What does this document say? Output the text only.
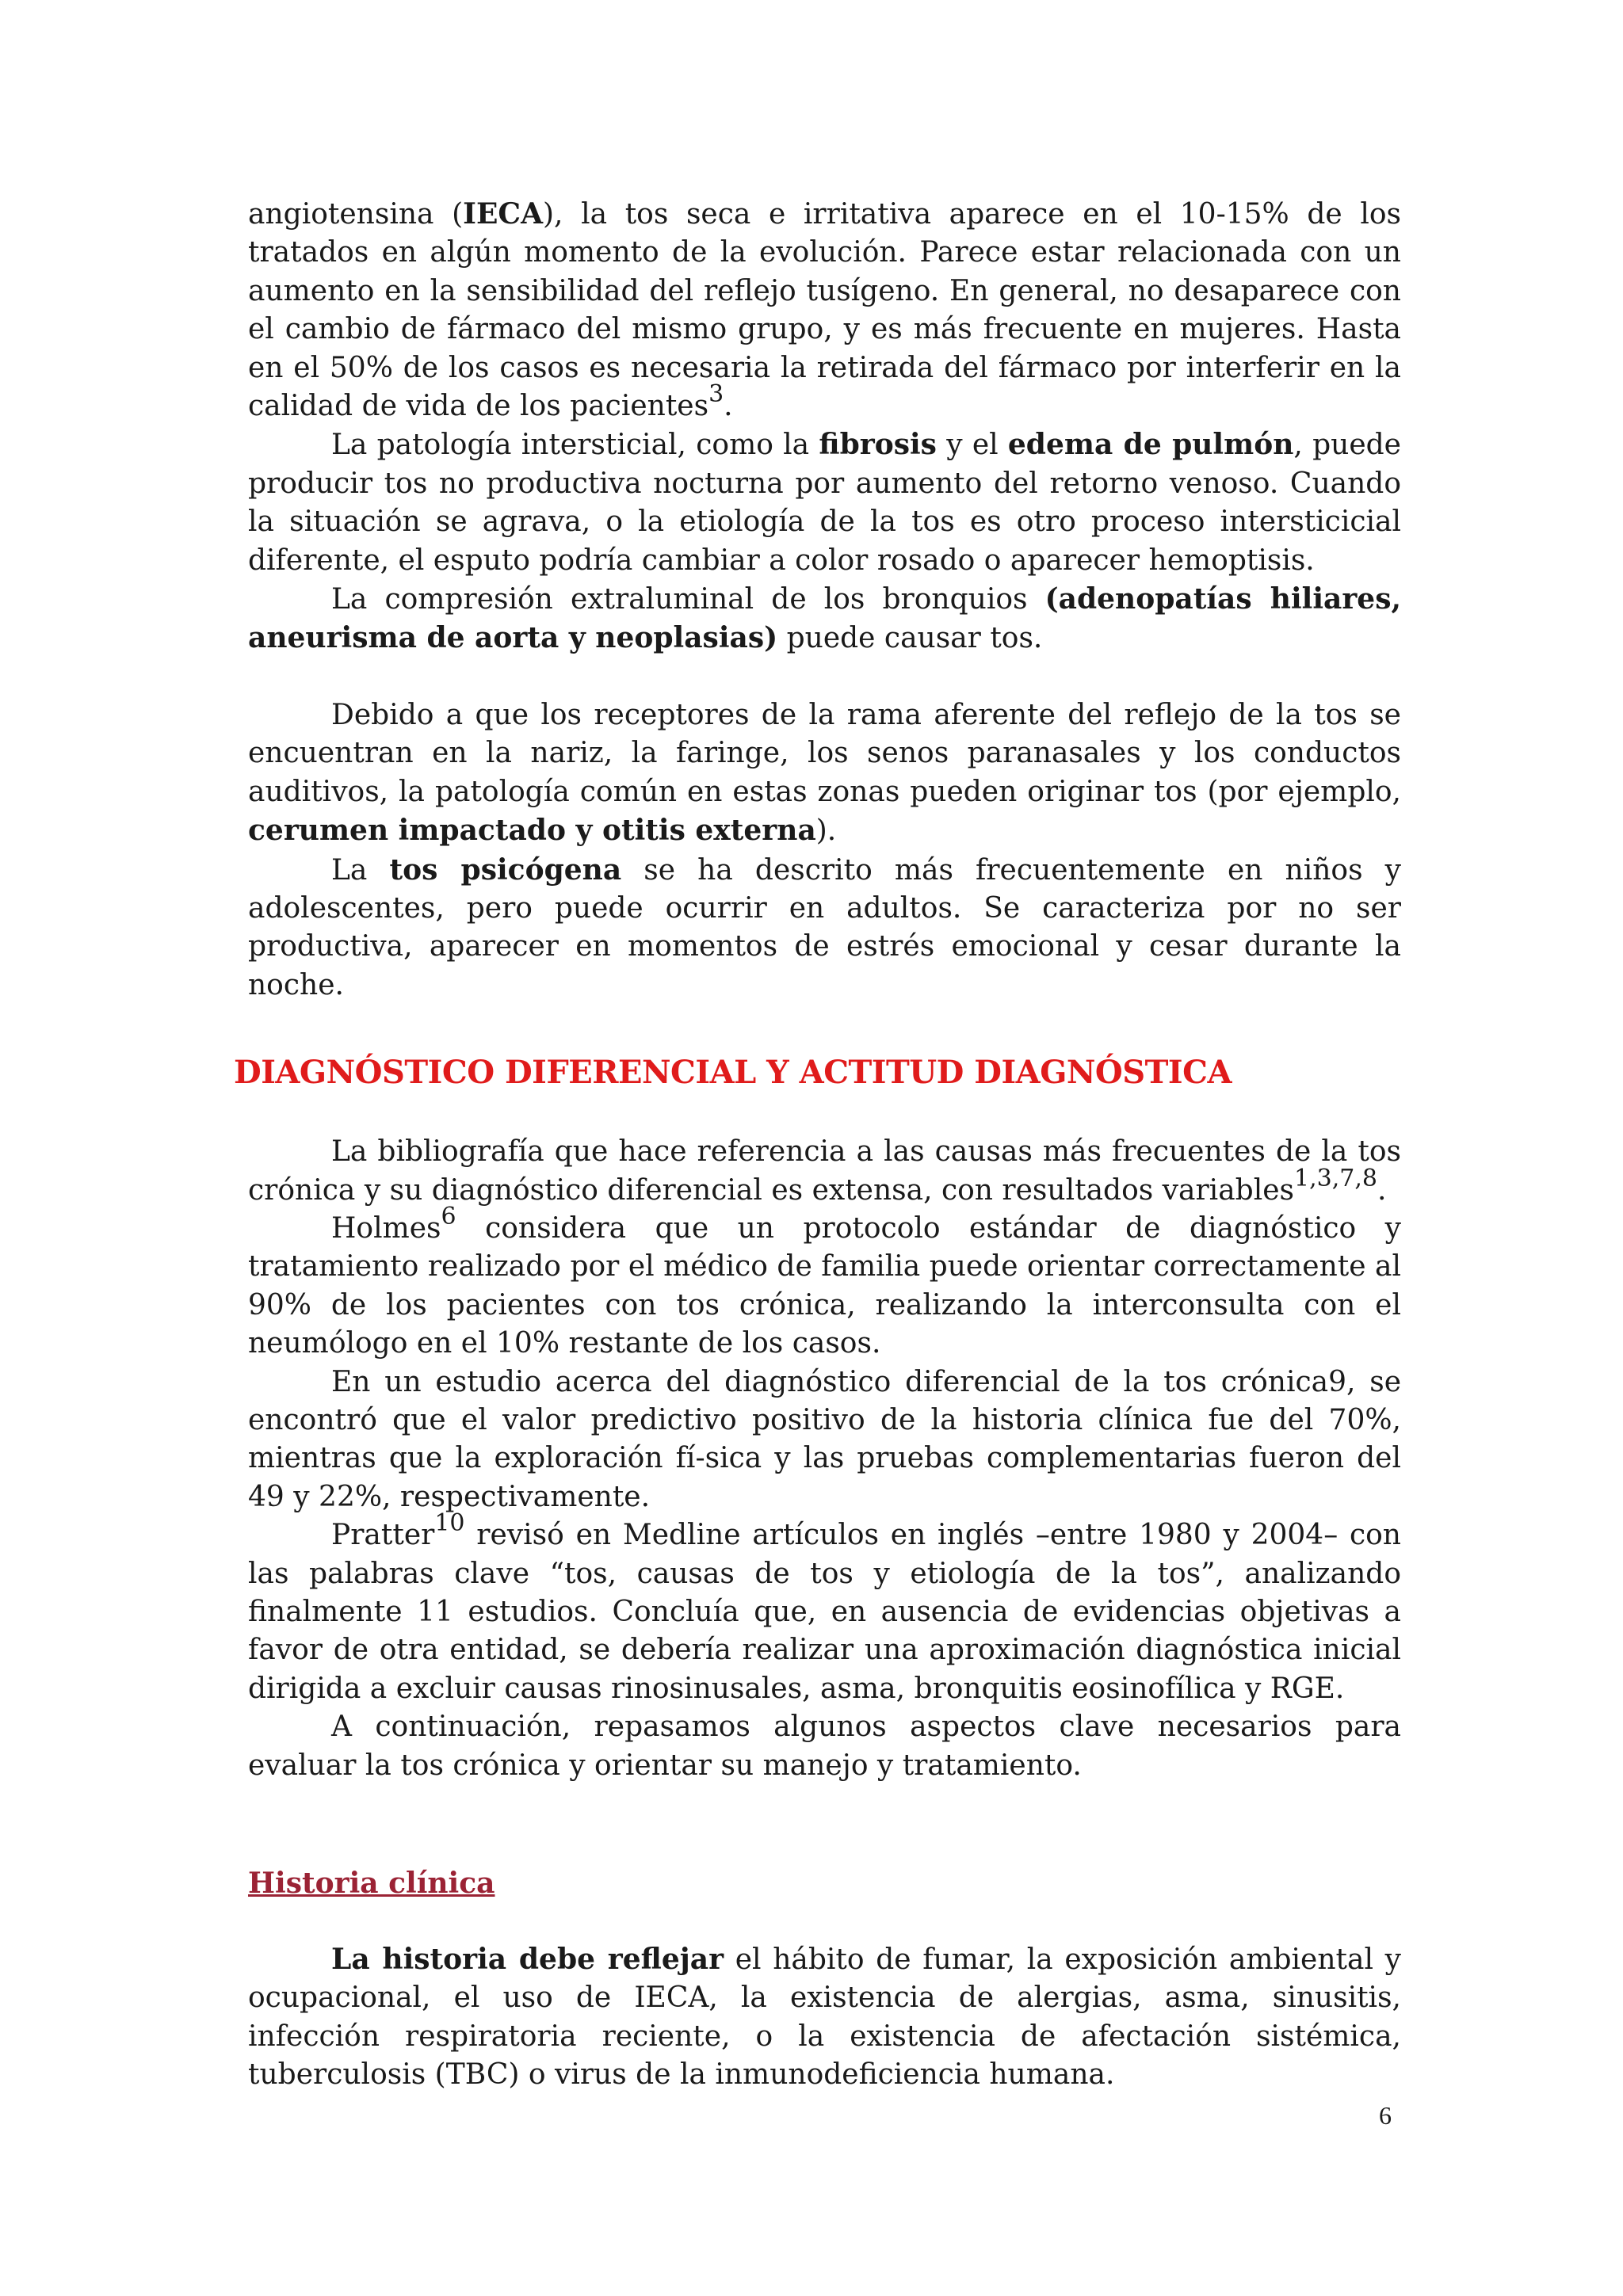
angiotensina (IECA), la tos seca e irritativa aparece en el 10-15% de los tratados en algún momento de la evolución. Parece estar relacionada con un aumento en la sensibilidad del reflejo tusígeno. En general, no desaparece con el cambio de fármaco del mismo grupo, y es más frecuente en mujeres. Hasta en el 50% de los casos es necesaria la retirada del fármaco por interferir en la calidad de vida de los pacientes$^3$.

La patología intersticial, como la fibrosis y el edema de pulmón, puede producir tos no productiva nocturna por aumento del retorno venoso. Cuando la situación se agrava, o la etiología de la tos es otro proceso intersticicial diferente, el esputo podría cambiar a color rosado o aparecer hemoptisis.

La compresión extraluminal de los bronquios (adenopatías hiliares, aneurisma de aorta y neoplasias) puede causar tos.

Debido a que los receptores de la rama aferente del reflejo de la tos se encuentran en la nariz, la faringe, los senos paranasales y los conductos auditivos, la patología común en estas zonas pueden originar tos (por ejemplo, cerumen impactado y otitis externa).

La tos psicógena se ha descrito más frecuentemente en niños y adolescentes, pero puede ocurrir en adultos. Se caracteriza por no ser productiva, aparecer en momentos de estrés emocional y cesar durante la noche.

DIAGNÓSTICO DIFERENCIAL Y ACTITUD DIAGNÓSTICA

La bibliografía que hace referencia a las causas más frecuentes de la tos crónica y su diagnóstico diferencial es extensa, con resultados variables$^{1,3,7,8}$.

Holmes$^6$ considera que un protocolo estándar de diagnóstico y tratamiento realizado por el médico de familia puede orientar correctamente al 90% de los pacientes con tos crónica, realizando la interconsulta con el neumólogo en el 10% restante de los casos.

En un estudio acerca del diagnóstico diferencial de la tos crónica9, se encontró que el valor predictivo positivo de la historia clínica fue del 70%, mientras que la exploración fí-sica y las pruebas complementarias fueron del 49 y 22%, respectivamente.

Pratter$^{10}$ revisó en Medline artículos en inglés –entre 1980 y 2004– con las palabras clave “tos, causas de tos y etiología de la tos”, analizando finalmente 11 estudios. Concluía que, en ausencia de evidencias objetivas a favor de otra entidad, se debería realizar una aproximación diagnóstica inicial dirigida a excluir causas rinosinusales, asma, bronquitis eosinofílica y RGE.

A continuación, repasamos algunos aspectos clave necesarios para evaluar la tos crónica y orientar su manejo y tratamiento.

Historia clínica

La historia debe reflejar el hábito de fumar, la exposición ambiental y ocupacional, el uso de IECA, la existencia de alergias, asma, sinusitis, infección respiratoria reciente, o la existencia de afectación sistémica, tuberculosis (TBC) o virus de la inmunodeficiencia humana.

6
